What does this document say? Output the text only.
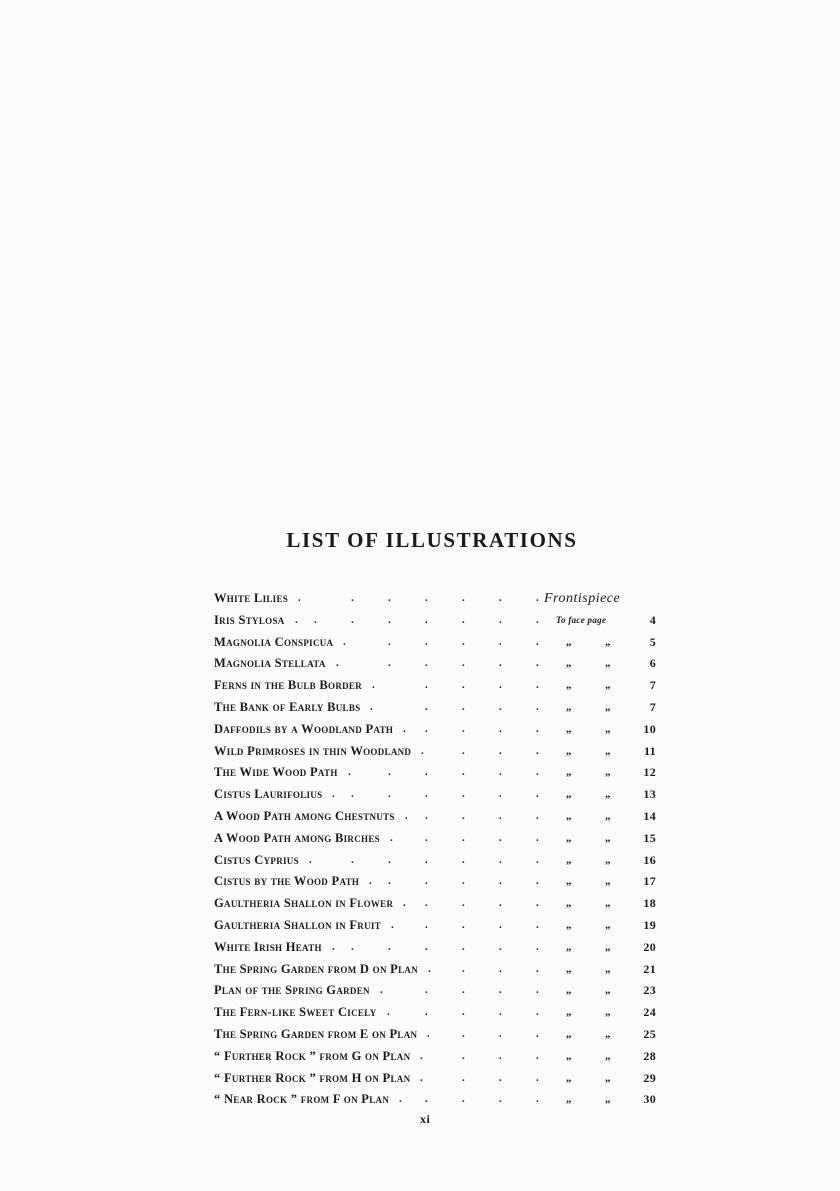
LIST OF ILLUSTRATIONS
White Lilies .	.	.	.	.	.	. Frontispiece
Iris Stylosa . .	.	.	.	.	.	. To face page	4
Magnolia Conspicua .	.	.	.	.	. „	„	5
Magnolia Stellata .	.	.	.	.	. „	„	6
Ferns in the Bulb Border .	.	.	.	. „	„	7
The Bank of Early Bulbs .	.	.	.	. „	„	7
Daffodils by a Woodland Path . .	.	.	. „	„	10
Wild Primroses in thin Woodland .	.	.	. „	„	11
The Wide Wood Path .	.	.	.	.	. „	„	12
Cistus Laurifolius . .	.	.	.	.	. „	„	13
A Wood Path among Chestnuts . .	.	.	. „	„	14
A Wood Path among Birches .	.	.	.	. „	„	15
Cistus Cyprius .	.	.	.	.	.	. „	„	16
Cistus by the Wood Path . .	.	.	.	. „	„	17
Gaultheria Shallon in Flower . .	.	.	. „	„	18
Gaultheria Shallon in Fruit .	.	.	.	. „	„	19
White Irish Heath . .	.	.	.	.	. „	„	20
The Spring Garden from D on Plan .	.	.	. „	„	21
Plan of the Spring Garden .	.	.	.	. „	„	23
The Fern-like Sweet Cicely .	.	.	.	. „	„	24
The Spring Garden from E on Plan .	.	.	. „	„	25
“ Further Rock ” from G on Plan .	.	.	. „	„	28
“ Further Rock ” from H on Plan .	.	.	. „	„	29
“ Near Rock ” from F on Plan . .	.	.	. „	„	30
xi
